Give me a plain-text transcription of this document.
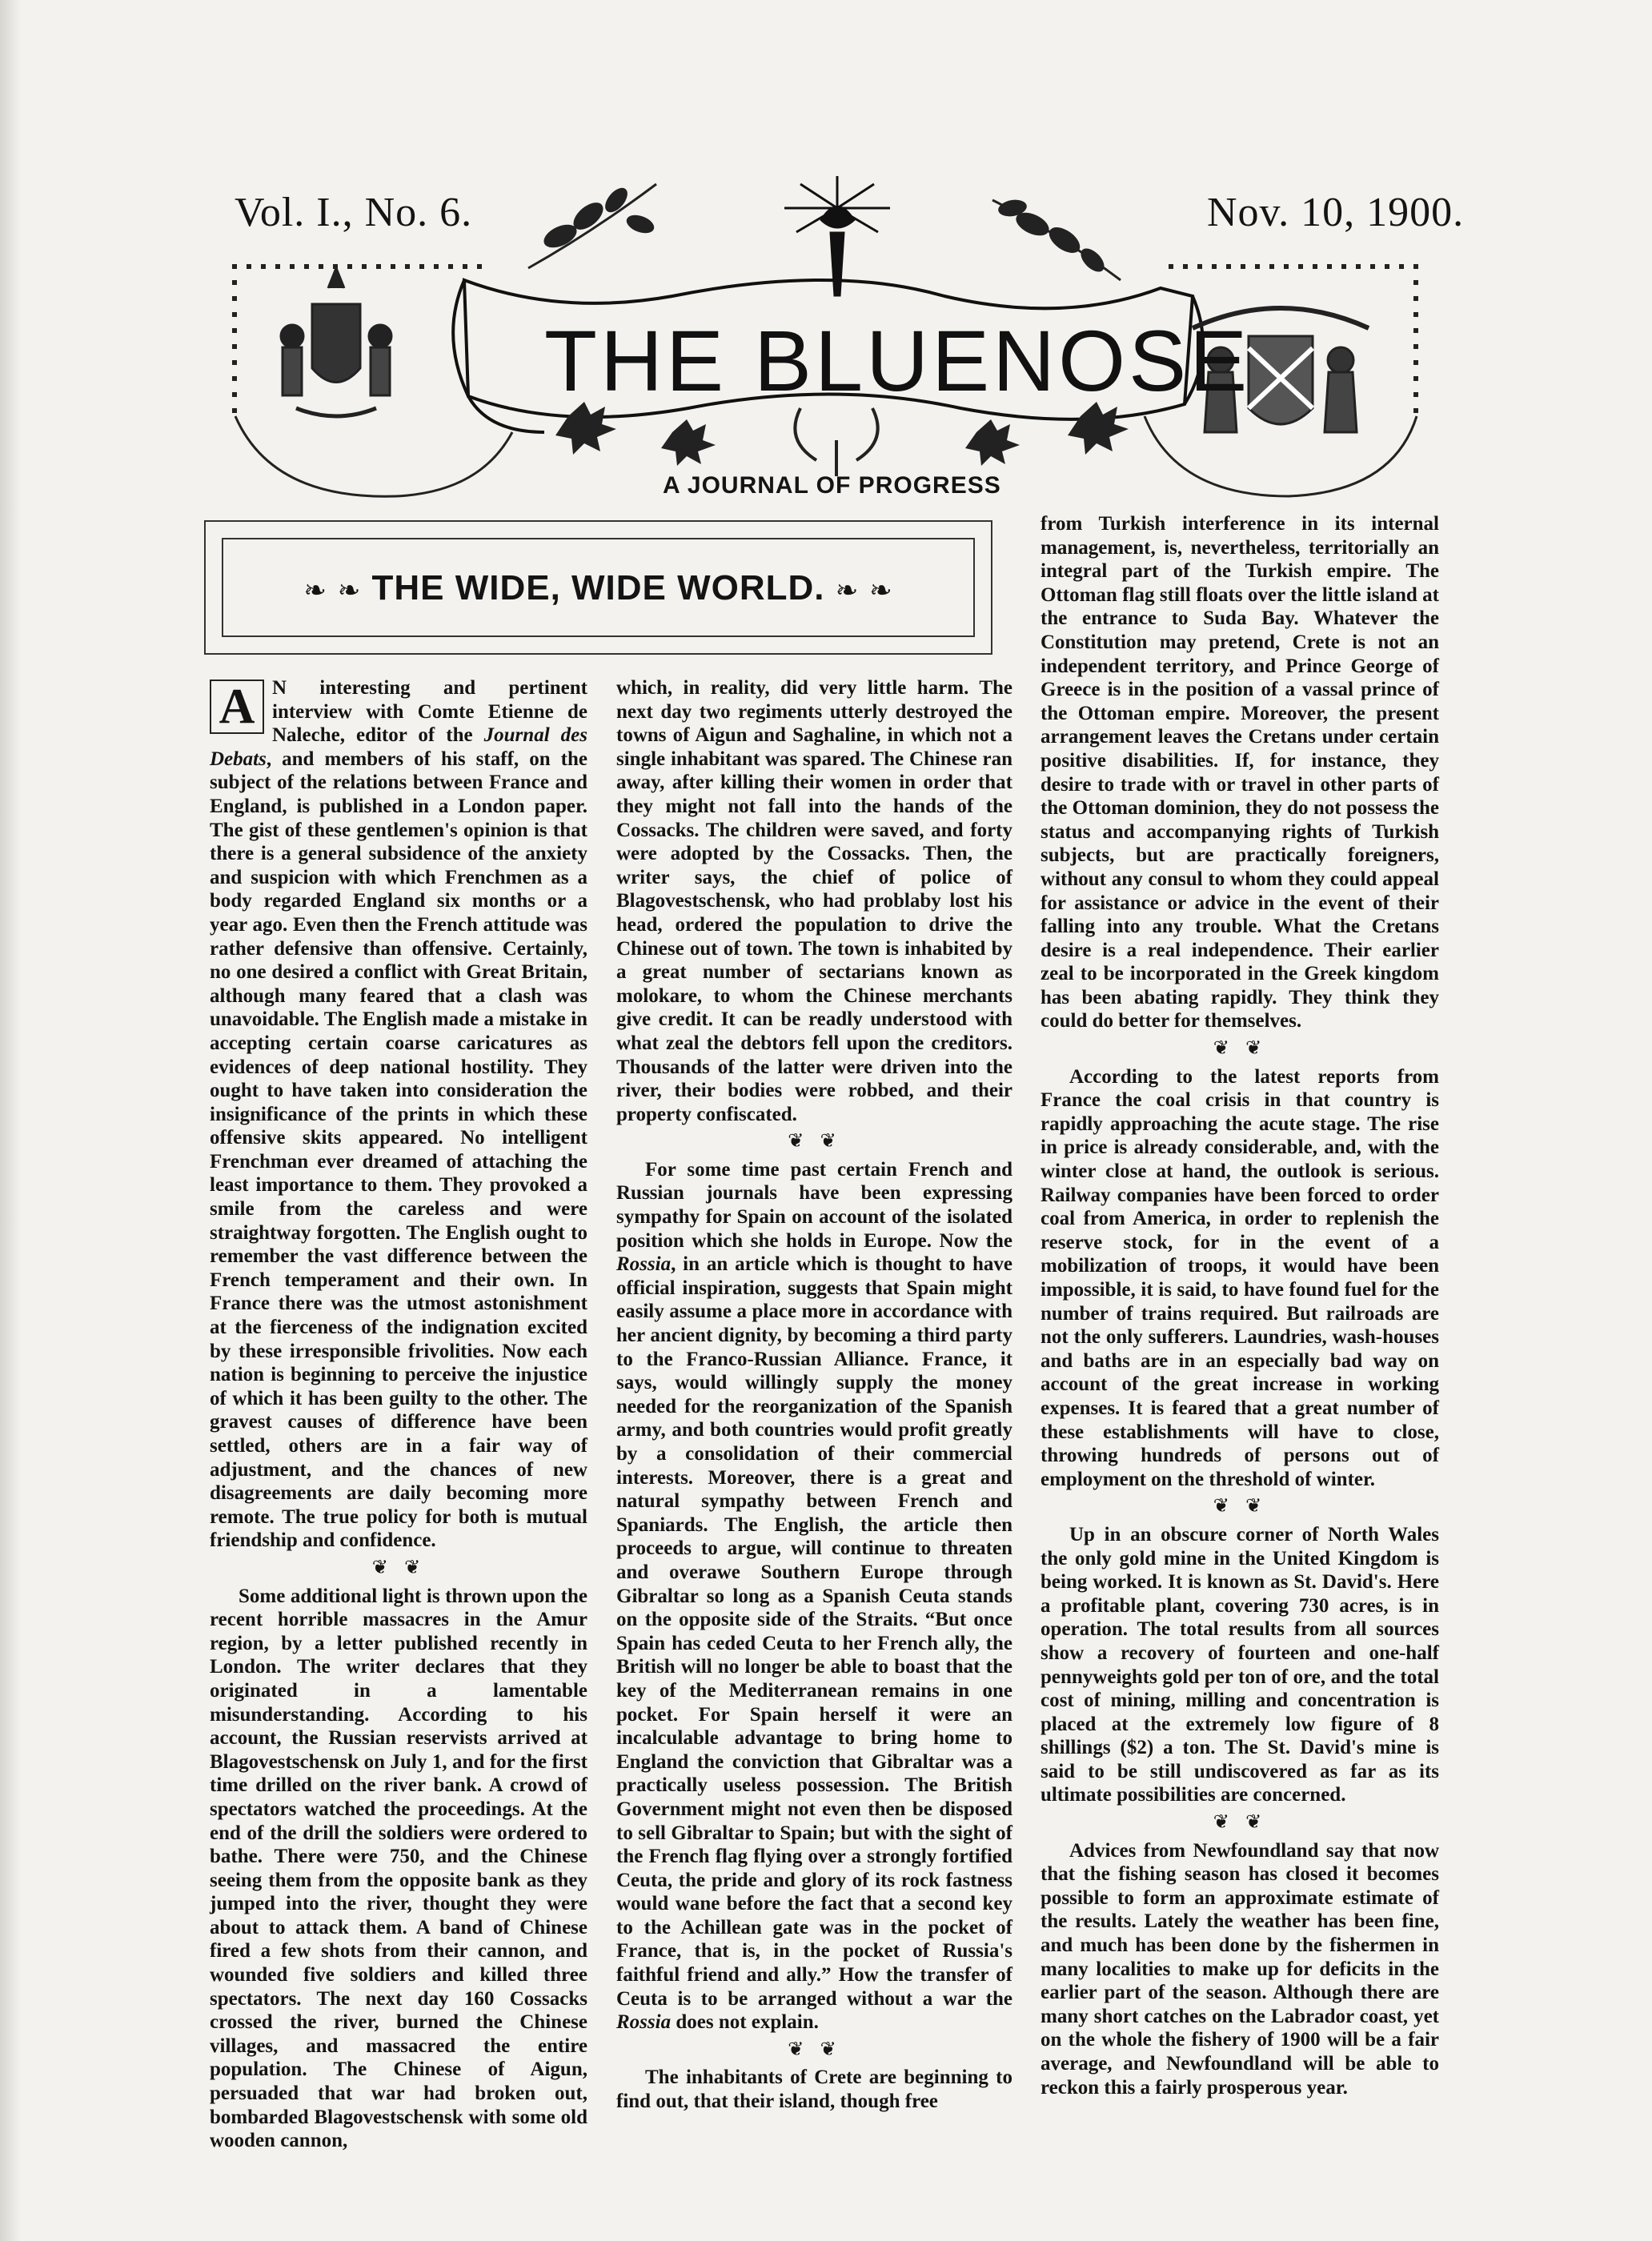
Vol. I., No. 6.	Nov. 10, 1900.
THE BLUENOSE
A JOURNAL OF PROGRESS
❧ ❧ THE WIDE, WIDE WORLD. ❧ ❧

A N interesting and pertinent interview with Comte Etienne de Naleche, editor of the Journal des Debats, and members of his staff, on the subject of the relations between France and England, is published in a London paper. The gist of these gentlemen's opinion is that there is a general subsidence of the anxiety and suspicion with which Frenchmen as a body regarded England six months or a year ago. Even then the French attitude was rather defensive than offensive. Certainly, no one desired a conflict with Great Britain, although many feared that a clash was unavoidable. The English made a mistake in accepting certain coarse caricatures as evidences of deep national hostility. They ought to have taken into consideration the insignificance of the prints in which these offensive skits appeared. No intelligent Frenchman ever dreamed of attaching the least importance to them. They provoked a smile from the careless and were straightway forgotten. The English ought to remember the vast difference between the French temperament and their own. In France there was the utmost astonishment at the fierceness of the indignation excited by these irresponsible frivolities. Now each nation is beginning to perceive the injustice of which it has been guilty to the other. The gravest causes of difference have been settled, others are in a fair way of adjustment, and the chances of new disagreements are daily becoming more remote. The true policy for both is mutual friendship and confidence.

❦ ❦

Some additional light is thrown upon the recent horrible massacres in the Amur region, by a letter published recently in London. The writer declares that they originated in a lamentable misunderstanding. According to his account, the Russian reservists arrived at Blagovestschensk on July 1, and for the first time drilled on the river bank. A crowd of spectators watched the proceedings. At the end of the drill the soldiers were ordered to bathe. There were 750, and the Chinese seeing them from the opposite bank as they jumped into the river, thought they were about to attack them. A band of Chinese fired a few shots from their cannon, and wounded five soldiers and killed three spectators. The next day 160 Cossacks crossed the river, burned the Chinese villages, and massacred the entire population. The Chinese of Aigun, persuaded that war had broken out, bombarded Blagovestschensk with some old wooden cannon,

which, in reality, did very little harm. The next day two regiments utterly destroyed the towns of Aigun and Saghaline, in which not a single inhabitant was spared. The Chinese ran away, after killing their women in order that they might not fall into the hands of the Cossacks. The children were saved, and forty were adopted by the Cossacks. Then, the writer says, the chief of police of Blagovestschensk, who had problaby lost his head, ordered the population to drive the Chinese out of town. The town is inhabited by a great number of sectarians known as molokare, to whom the Chinese merchants give credit. It can be readly understood with what zeal the debtors fell upon the creditors. Thousands of the latter were driven into the river, their bodies were robbed, and their property confiscated.

❦ ❦

For some time past certain French and Russian journals have been expressing sympathy for Spain on account of the isolated position which she holds in Europe. Now the Rossia, in an article which is thought to have official inspiration, suggests that Spain might easily assume a place more in accordance with her ancient dignity, by becoming a third party to the Franco-Russian Alliance. France, it says, would willingly supply the money needed for the reorganization of the Spanish army, and both countries would profit greatly by a consolidation of their commercial interests. Moreover, there is a great and natural sympathy between French and Spaniards. The English, the article then proceeds to argue, will continue to threaten and overawe Southern Europe through Gibraltar so long as a Spanish Ceuta stands on the opposite side of the Straits. “But once Spain has ceded Ceuta to her French ally, the British will no longer be able to boast that the key of the Mediterranean remains in one pocket. For Spain herself it were an incalculable advantage to bring home to England the conviction that Gibraltar was a practically useless possession. The British Government might not even then be disposed to sell Gibraltar to Spain; but with the sight of the French flag flying over a strongly fortified Ceuta, the pride and glory of its rock fastness would wane before the fact that a second key to the Achillean gate was in the pocket of France, that is, in the pocket of Russia's faithful friend and ally.” How the transfer of Ceuta is to be arranged without a war the Rossia does not explain.

❦ ❦

The inhabitants of Crete are beginning to find out, that their island, though free

from Turkish interference in its internal management, is, nevertheless, territorially an integral part of the Turkish empire. The Ottoman flag still floats over the little island at the entrance to Suda Bay. Whatever the Constitution may pretend, Crete is not an independent territory, and Prince George of Greece is in the position of a vassal prince of the Ottoman empire. Moreover, the present arrangement leaves the Cretans under certain positive disabilities. If, for instance, they desire to trade with or travel in other parts of the Ottoman dominion, they do not possess the status and accompanying rights of Turkish subjects, but are practically foreigners, without any consul to whom they could appeal for assistance or advice in the event of their falling into any trouble. What the Cretans desire is a real independence. Their earlier zeal to be incorporated in the Greek kingdom has been abating rapidly. They think they could do better for themselves.

❦ ❦

According to the latest reports from France the coal crisis in that country is rapidly approaching the acute stage. The rise in price is already considerable, and, with the winter close at hand, the outlook is serious. Railway companies have been forced to order coal from America, in order to replenish the reserve stock, for in the event of a mobilization of troops, it would have been impossible, it is said, to have found fuel for the number of trains required. But railroads are not the only sufferers. Laundries, wash-houses and baths are in an especially bad way on account of the great increase in working expenses. It is feared that a great number of these establishments will have to close, throwing hundreds of persons out of employment on the threshold of winter.

❦ ❦

Up in an obscure corner of North Wales the only gold mine in the United Kingdom is being worked. It is known as St. David's. Here a profitable plant, covering 730 acres, is in operation. The total results from all sources show a recovery of fourteen and one-half pennyweights gold per ton of ore, and the total cost of mining, milling and concentration is placed at the extremely low figure of 8 shillings ($2) a ton. The St. David's mine is said to be still undiscovered as far as its ultimate possibilities are concerned.

❦ ❦

Advices from Newfoundland say that now that the fishing season has closed it becomes possible to form an approximate estimate of the results. Lately the weather has been fine, and much has been done by the fishermen in many localities to make up for deficits in the earlier part of the season. Although there are many short catches on the Labrador coast, yet on the whole the fishery of 1900 will be a fair average, and Newfoundland will be able to reckon this a fairly prosperous year.
